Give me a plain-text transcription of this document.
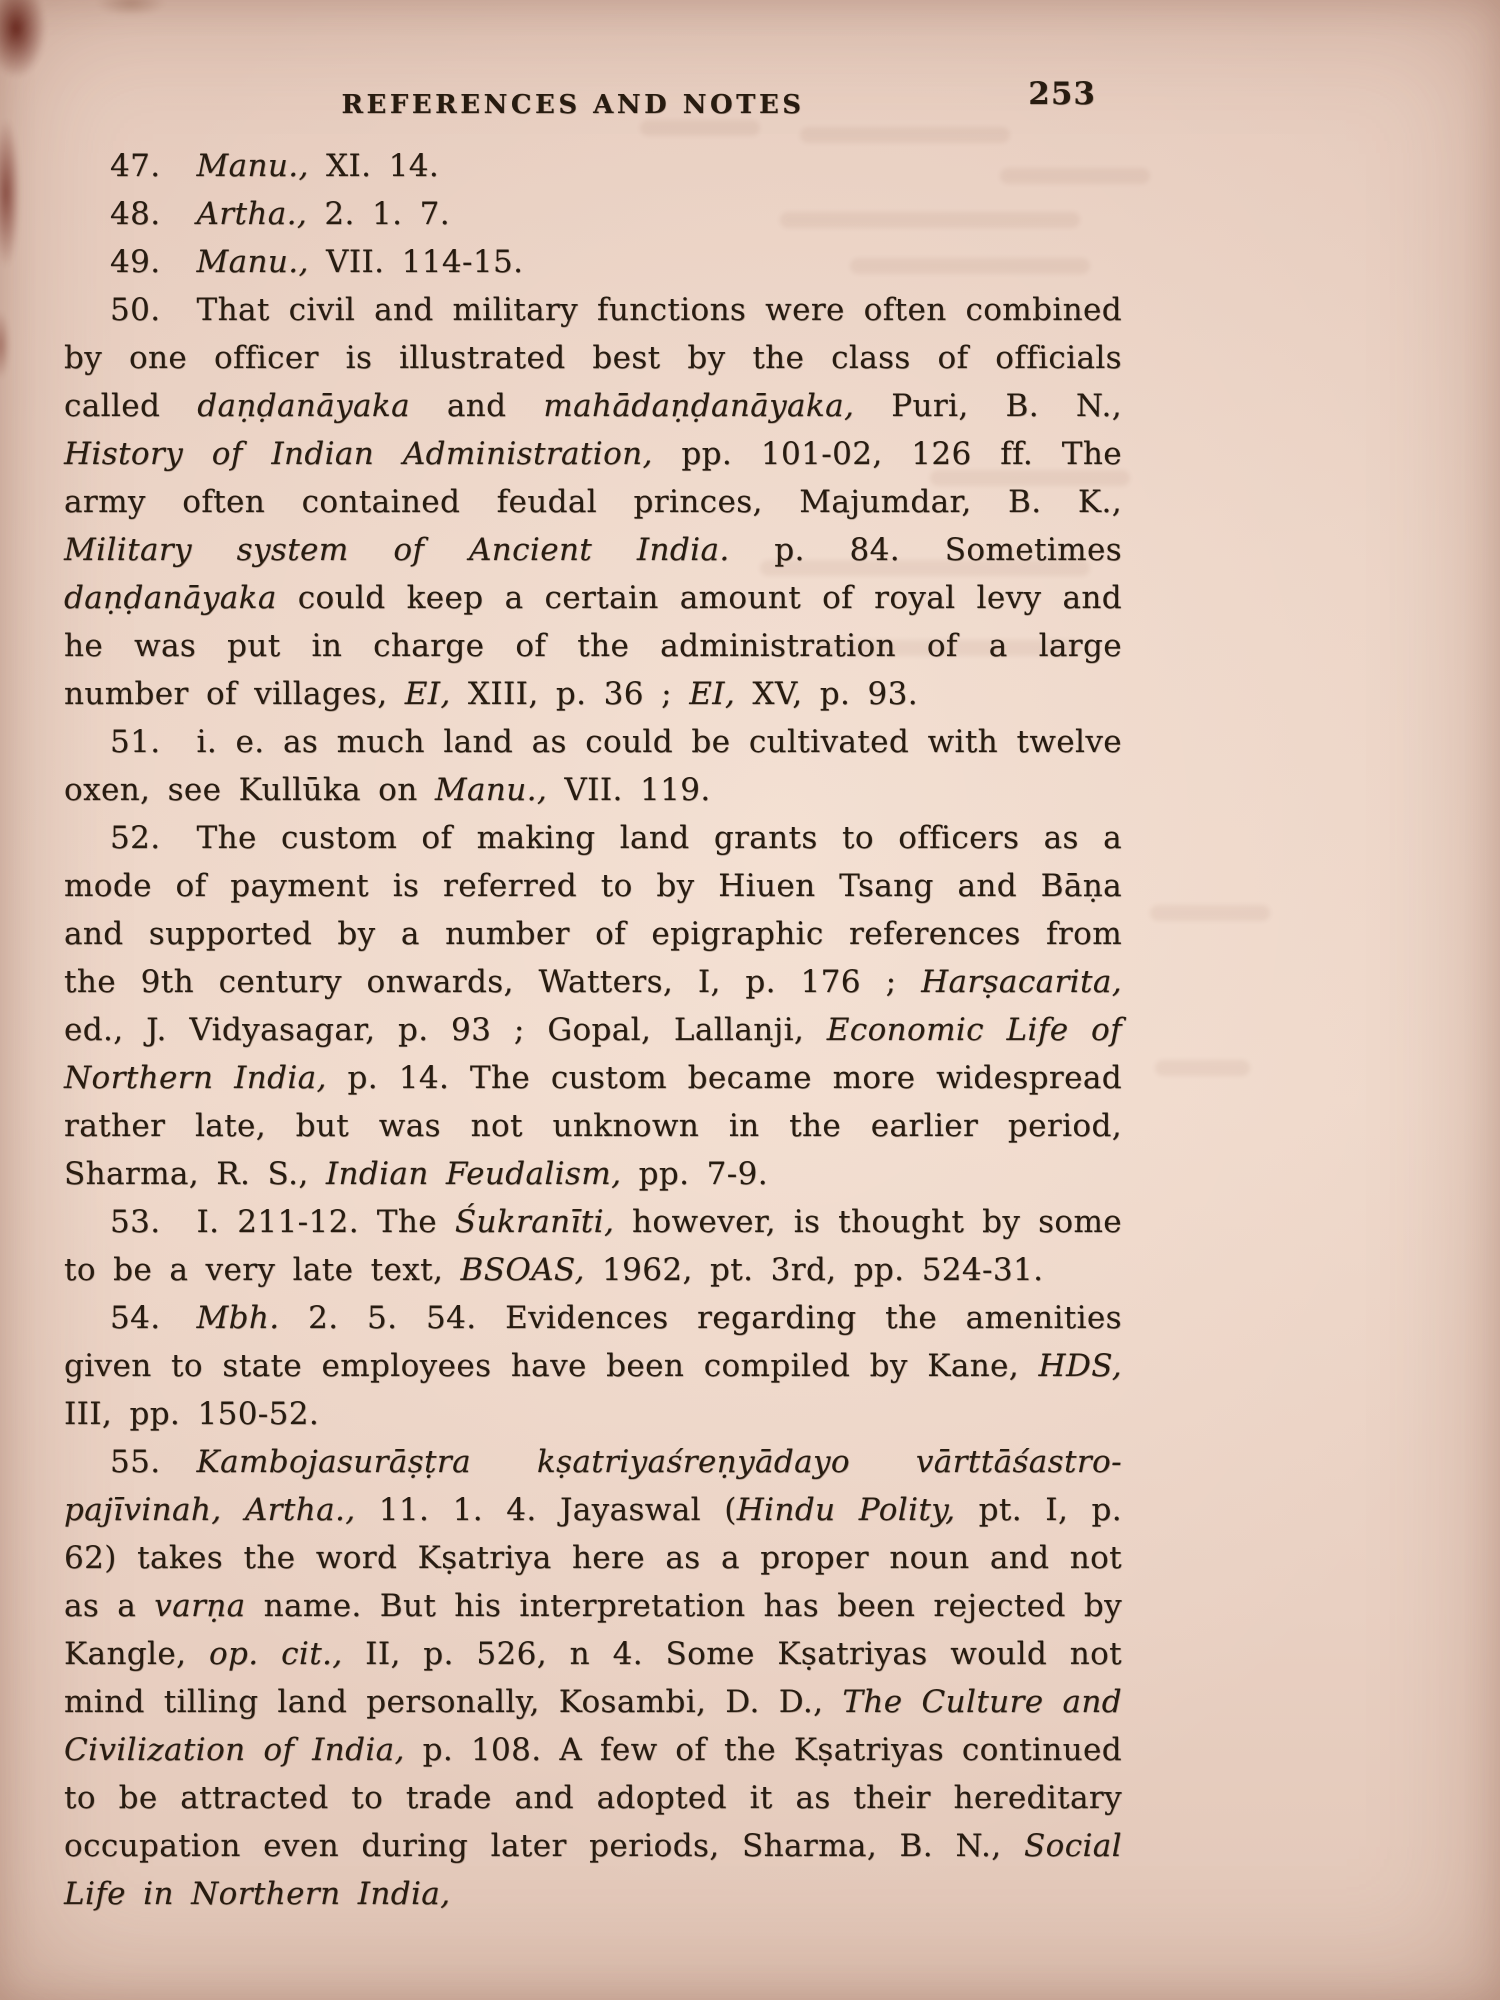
REFERENCES AND NOTES	253

47. Manu., XI. 14.

48. Artha., 2. 1. 7.

49. Manu., VII. 114-15.

50. That civil and military functions were often combined by one officer is illustrated best by the class of officials called daṇḍanāyaka and mahādaṇḍanāyaka, Puri, B. N., History of Indian Administration, pp. 101-02, 126 ff. The army often contained feudal princes, Majumdar, B. K., Military system of Ancient India. p. 84. Sometimes daṇḍanāyaka could keep a certain amount of royal levy and he was put in charge of the administration of a large number of villages, EI, XIII, p. 36 ; EI, XV, p. 93.

51. i. e. as much land as could be cultivated with twelve oxen, see Kullūka on Manu., VII. 119.

52. The custom of making land grants to officers as a mode of payment is referred to by Hiuen Tsang and Bāṇa and supported by a number of epigraphic references from the 9th century onwards, Watters, I, p. 176 ; Harṣacarita, ed., J. Vidyasagar, p. 93 ; Gopal, Lallanji, Economic Life of Northern India, p. 14. The custom became more widespread rather late, but was not unknown in the earlier period, Sharma, R. S., Indian Feudalism, pp. 7-9.

53. I. 211-12. The Śukranīti, however, is thought by some to be a very late text, BSOAS, 1962, pt. 3rd, pp. 524-31.

54. Mbh. 2. 5. 54. Evidences regarding the amenities given to state employees have been compiled by Kane, HDS, III, pp. 150-52.

55. Kambojasurāṣṭra kṣatriyaśreṇyādayo vārttāśastro-pajīvinah, Artha., 11. 1. 4. Jayaswal (Hindu Polity, pt. I, p. 62) takes the word Kṣatriya here as a proper noun and not as a varṇa name. But his interpretation has been rejected by Kangle, op. cit., II, p. 526, n 4. Some Kṣatriyas would not mind tilling land personally, Kosambi, D. D., The Culture and Civilization of India, p. 108. A few of the Kṣatriyas continued to be attracted to trade and adopted it as their hereditary occupation even during later periods, Sharma, B. N., Social Life in Northern India,
